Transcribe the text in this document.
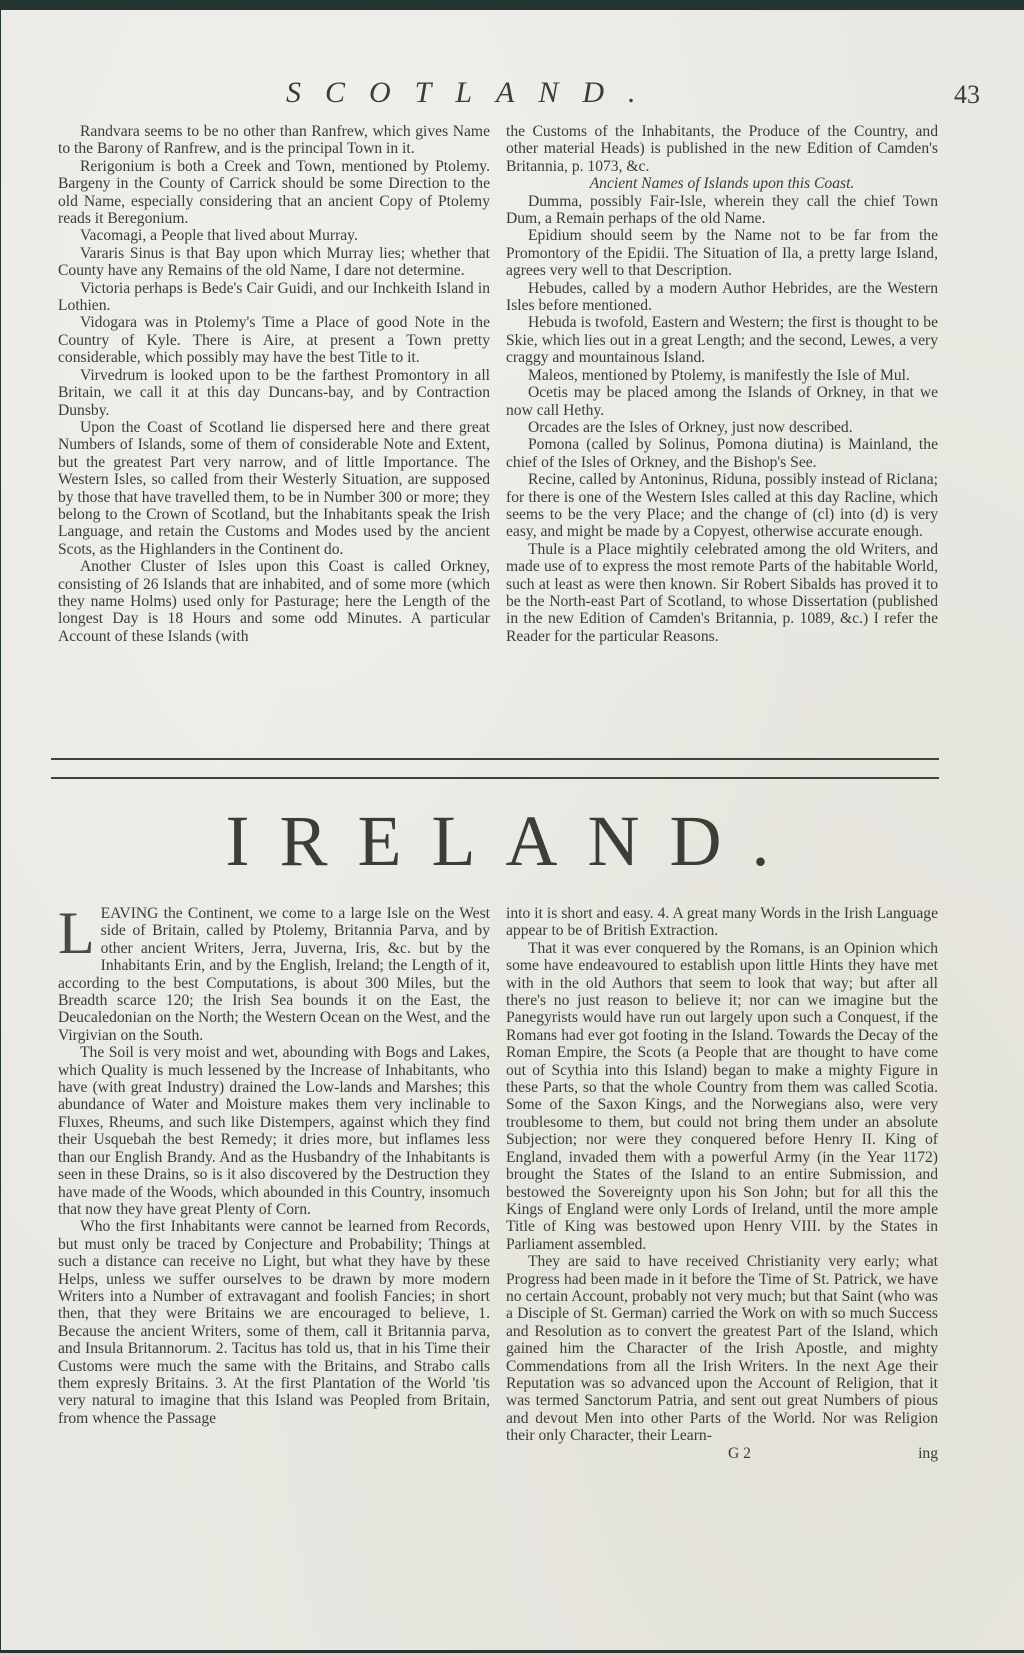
SCOTLAND.	43

Randvara seems to be no other than Ranfrew, which gives Name to the Barony of Ranfrew, and is the principal Town in it.

Rerigonium is both a Creek and Town, mentioned by Ptolemy. Bargeny in the County of Carrick should be some Direction to the old Name, especially considering that an ancient Copy of Ptolemy reads it Beregonium.

Vacomagi, a People that lived about Murray.

Vararis Sinus is that Bay upon which Murray lies; whether that County have any Remains of the old Name, I dare not determine.

Victoria perhaps is Bede's Cair Guidi, and our Inchkeith Island in Lothien.

Vidogara was in Ptolemy's Time a Place of good Note in the Country of Kyle. There is Aire, at present a Town pretty considerable, which possibly may have the best Title to it.

Virvedrum is looked upon to be the farthest Promontory in all Britain, we call it at this day Duncans-bay, and by Contraction Dunsby.

Upon the Coast of Scotland lie dispersed here and there great Numbers of Islands, some of them of considerable Note and Extent, but the greatest Part very narrow, and of little Importance. The Western Isles, so called from their Westerly Situation, are supposed by those that have travelled them, to be in Number 300 or more; they belong to the Crown of Scotland, but the Inhabitants speak the Irish Language, and retain the Customs and Modes used by the ancient Scots, as the Highlanders in the Continent do.

Another Cluster of Isles upon this Coast is called Orkney, consisting of 26 Islands that are inhabited, and of some more (which they name Holms) used only for Pasturage; here the Length of the longest Day is 18 Hours and some odd Minutes. A particular Account of these Islands (with

the Customs of the Inhabitants, the Produce of the Country, and other material Heads) is published in the new Edition of Camden's Britannia, p. 1073, &c.

Ancient Names of Islands upon this Coast.

Dumma, possibly Fair-Isle, wherein they call the chief Town Dum, a Remain perhaps of the old Name.

Epidium should seem by the Name not to be far from the Promontory of the Epidii. The Situation of Ila, a pretty large Island, agrees very well to that Description.

Hebudes, called by a modern Author Hebrides, are the Western Isles before mentioned.

Hebuda is twofold, Eastern and Western; the first is thought to be Skie, which lies out in a great Length; and the second, Lewes, a very craggy and mountainous Island.

Maleos, mentioned by Ptolemy, is manifestly the Isle of Mul.

Ocetis may be placed among the Islands of Orkney, in that we now call Hethy.

Orcades are the Isles of Orkney, just now described.

Pomona (called by Solinus, Pomona diutina) is Mainland, the chief of the Isles of Orkney, and the Bishop's See.

Recine, called by Antoninus, Riduna, possibly instead of Riclana; for there is one of the Western Isles called at this day Racline, which seems to be the very Place; and the change of (cl) into (d) is very easy, and might be made by a Copyest, otherwise accurate enough.

Thule is a Place mightily celebrated among the old Writers, and made use of to express the most remote Parts of the habitable World, such at least as were then known. Sir Robert Sibalds has proved it to be the North-east Part of Scotland, to whose Dissertation (published in the new Edition of Camden's Britannia, p. 1089, &c.) I refer the Reader for the particular Reasons.

IRELAND.

LEAVING the Continent, we come to a large Isle on the West side of Britain, called by Ptolemy, Britannia Parva, and by other ancient Writers, Jerra, Juverna, Iris, &c. but by the Inhabitants Erin, and by the English, Ireland; the Length of it, according to the best Computations, is about 300 Miles, but the Breadth scarce 120; the Irish Sea bounds it on the East, the Deucaledonian on the North; the Western Ocean on the West, and the Virgivian on the South.

The Soil is very moist and wet, abounding with Bogs and Lakes, which Quality is much lessened by the Increase of Inhabitants, who have (with great Industry) drained the Low-lands and Marshes; this abundance of Water and Moisture makes them very inclinable to Fluxes, Rheums, and such like Distempers, against which they find their Usquebah the best Remedy; it dries more, but inflames less than our English Brandy. And as the Husbandry of the Inhabitants is seen in these Drains, so is it also discovered by the Destruction they have made of the Woods, which abounded in this Country, insomuch that now they have great Plenty of Corn.

Who the first Inhabitants were cannot be learned from Records, but must only be traced by Conjecture and Probability; Things at such a distance can receive no Light, but what they have by these Helps, unless we suffer ourselves to be drawn by more modern Writers into a Number of extravagant and foolish Fancies; in short then, that they were Britains we are encouraged to believe, 1. Because the ancient Writers, some of them, call it Britannia parva, and Insula Britannorum. 2. Tacitus has told us, that in his Time their Customs were much the same with the Britains, and Strabo calls them expresly Britains. 3. At the first Plantation of the World 'tis very natural to imagine that this Island was Peopled from Britain, from whence the Passage

into it is short and easy. 4. A great many Words in the Irish Language appear to be of British Extraction.

That it was ever conquered by the Romans, is an Opinion which some have endeavoured to establish upon little Hints they have met with in the old Authors that seem to look that way; but after all there's no just reason to believe it; nor can we imagine but the Panegyrists would have run out largely upon such a Conquest, if the Romans had ever got footing in the Island. Towards the Decay of the Roman Empire, the Scots (a People that are thought to have come out of Scythia into this Island) began to make a mighty Figure in these Parts, so that the whole Country from them was called Scotia. Some of the Saxon Kings, and the Norwegians also, were very troublesome to them, but could not bring them under an absolute Subjection; nor were they conquered before Henry II. King of England, invaded them with a powerful Army (in the Year 1172) brought the States of the Island to an entire Submission, and bestowed the Sovereignty upon his Son John; but for all this the Kings of England were only Lords of Ireland, until the more ample Title of King was bestowed upon Henry VIII. by the States in Parliament assembled.

They are said to have received Christianity very early; what Progress had been made in it before the Time of St. Patrick, we have no certain Account, probably not very much; but that Saint (who was a Disciple of St. German) carried the Work on with so much Success and Resolution as to convert the greatest Part of the Island, which gained him the Character of the Irish Apostle, and mighty Commendations from all the Irish Writers. In the next Age their Reputation was so advanced upon the Account of Religion, that it was termed Sanctorum Patria, and sent out great Numbers of pious and devout Men into other Parts of the World. Nor was Religion their only Character, their Learn-

G 2	ing
